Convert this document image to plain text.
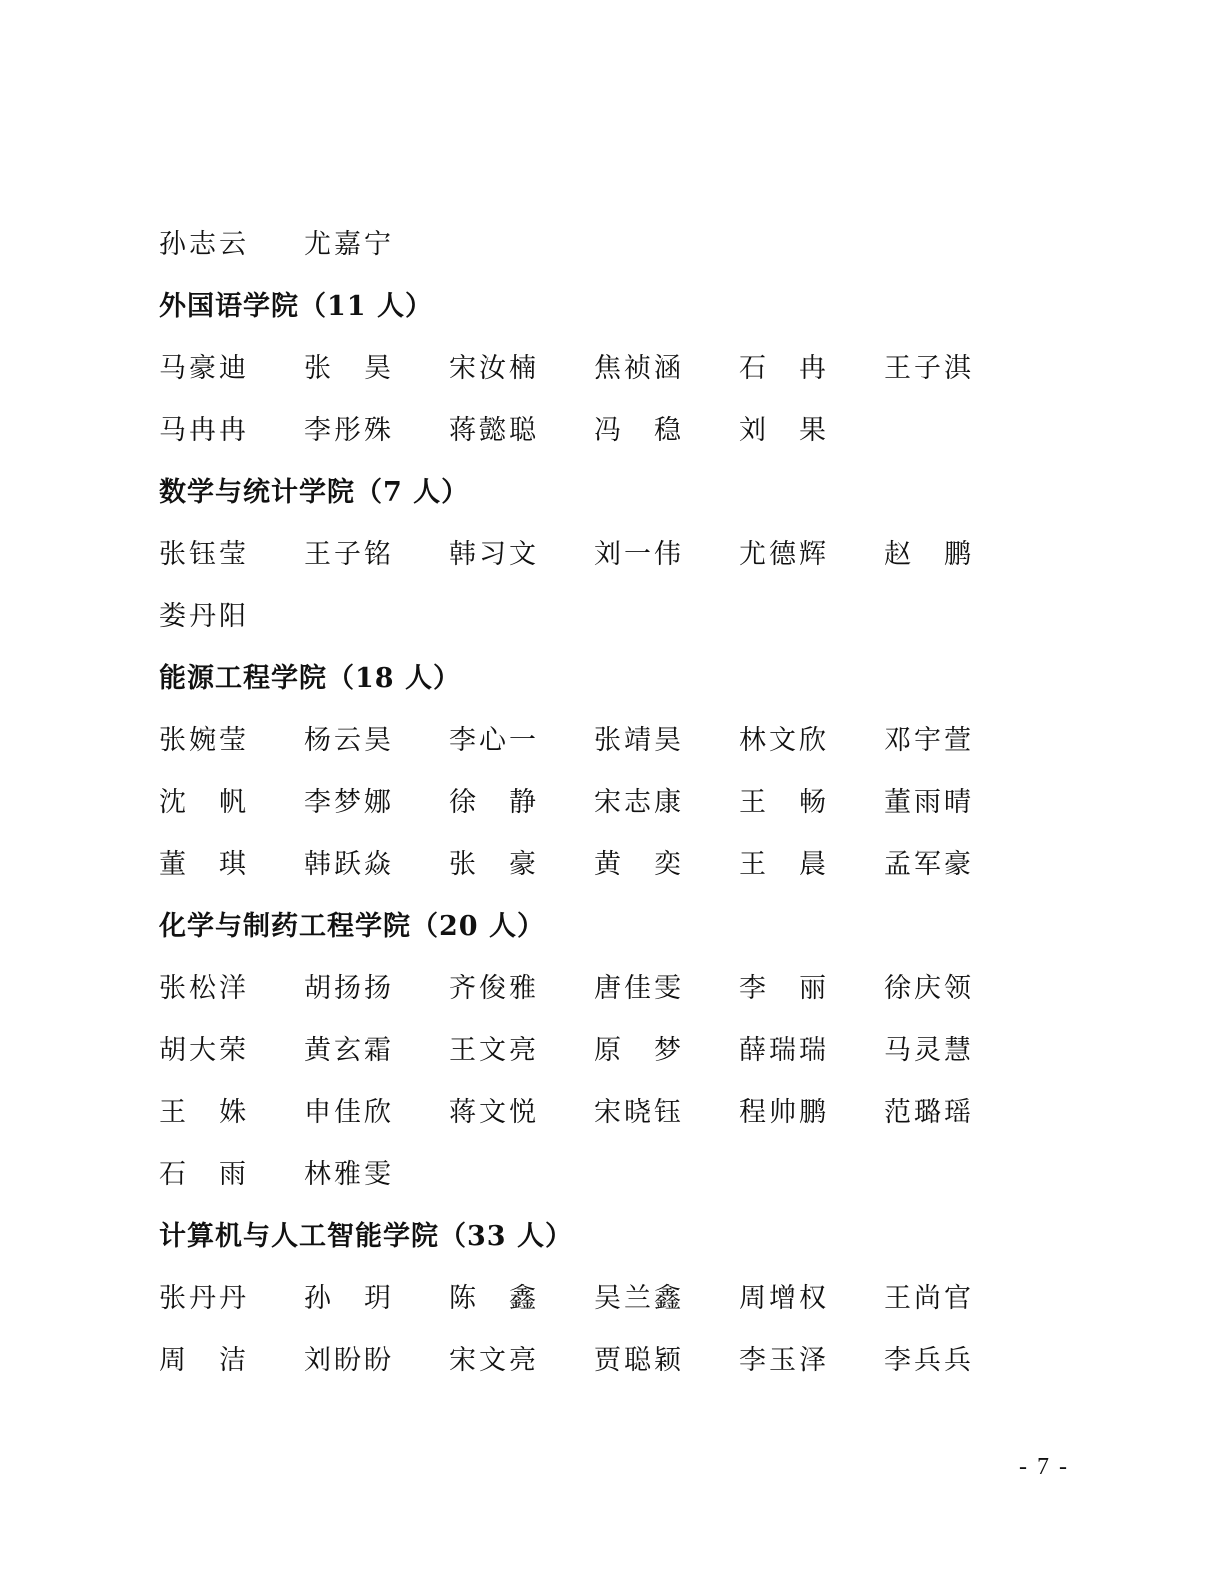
孙志云	尤嘉宁
外国语学院（11 人）
马豪迪	张　昊	宋汝楠	焦祯涵	石　冉	王子淇
马冉冉	李彤殊	蒋懿聪	冯　稳	刘　果
数学与统计学院（7 人）
张钰莹	王子铭	韩习文	刘一伟	尤德辉	赵　鹏
娄丹阳
能源工程学院（18 人）
张婉莹	杨云昊	李心一	张靖昊	林文欣	邓宇萱
沈　帆	李梦娜	徐　静	宋志康	王　畅	董雨晴
董　琪	韩跃焱	张　豪	黄　奕	王　晨	孟军豪
化学与制药工程学院（20 人）
张松洋	胡扬扬	齐俊雅	唐佳雯	李　丽	徐庆领
胡大荣	黄玄霜	王文亮	原　梦	薛瑞瑞	马灵慧
王　姝	申佳欣	蒋文悦	宋晓钰	程帅鹏	范璐瑶
石　雨	林雅雯
计算机与人工智能学院（33 人）
张丹丹	孙　玥	陈　鑫	吴兰鑫	周增权	王尚官
周　洁	刘盼盼	宋文亮	贾聪颖	李玉泽	李兵兵
- 7 -
